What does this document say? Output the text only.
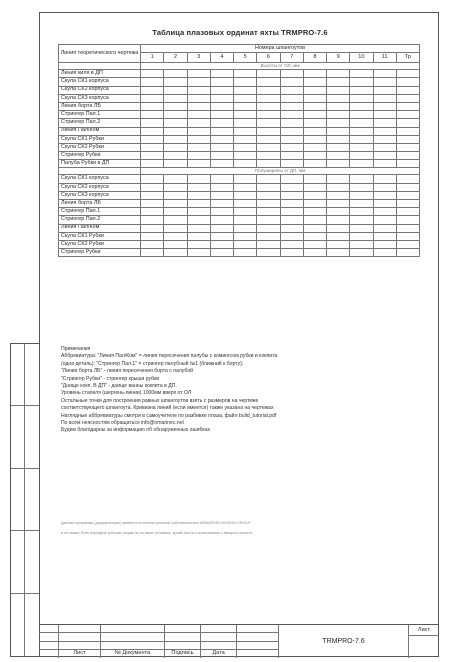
Таблица плазовых ординат яхты TRMPRO-7.6
Линия теоретического чертежа	Номера шпангоутов											
	1	2	3	4	5	6	7	8	9	10	11	Тр
	Высоты от ОЛ, мм											
Линия киля в ДП												
Скула СК1 корпуса												
Скула СК2 корпуса												
Скула СК3 корпуса												
Линия борта ЛБ												
Стрингер Пал.1												
Стрингер Пал.2												
Линия Пал/Ком												
Скула СК1 Рубки												
Скула СК2 Рубки												
Стрингер Рубки												
Палуба Рубки в ДП												
	Полуширины от ДП, мм											
Скула СК1 корпуса												
Скула СК2 корпуса												
Скула СК3 корпуса												
Линия борта ЛБ												
Стрингер Пал.1												
Стрингер Пал.2												
Линия Пал/Ком												
Скула СК1 Рубки												
Скула СК2 Рубки												
Стрингер Рубки												
Примечания
Аббревиатура: "Линия Пал/Ком" = линия пересечения палубы с комингсом рубки и кокпита
(одна деталь); "Стрингер Пал.1" = стрингер палубный №1 (ближний к борту);
"Линия борта ЛБ" - линия пересечения борта с палубой
"Стрингер Рубки" - стрингер крыши рубки
"Днище кокп. В ДП" - днище ванны кокпита в ДП.
Уровень стапеля (шергень-линии) 1000мм вверх от ОЛ
Остальные точки для построения равных шпангоутов взять с размеров на чертеже
соответствующего шпангоута. Кривизна линий (если имеется) также указана на чертежах
Наглядные аббревиатуры смотри в самоучителе по разбивке плаза, файл build_tutorial.pdf
По всем неясностям обращаться info@nmarinec.net
Будем благодарны за информацию об обнаруженных ошибках
Данная программа (документация) является интеллектуальной собственностью ANMARSEN DESIGN GROUP
и не может быть передана третьим лицам ни на каких условиях, кроме как по согласованию с автором проекта
Лист	№ Документа	Подпись	Дата
TRMPRO-7.6
Лист
